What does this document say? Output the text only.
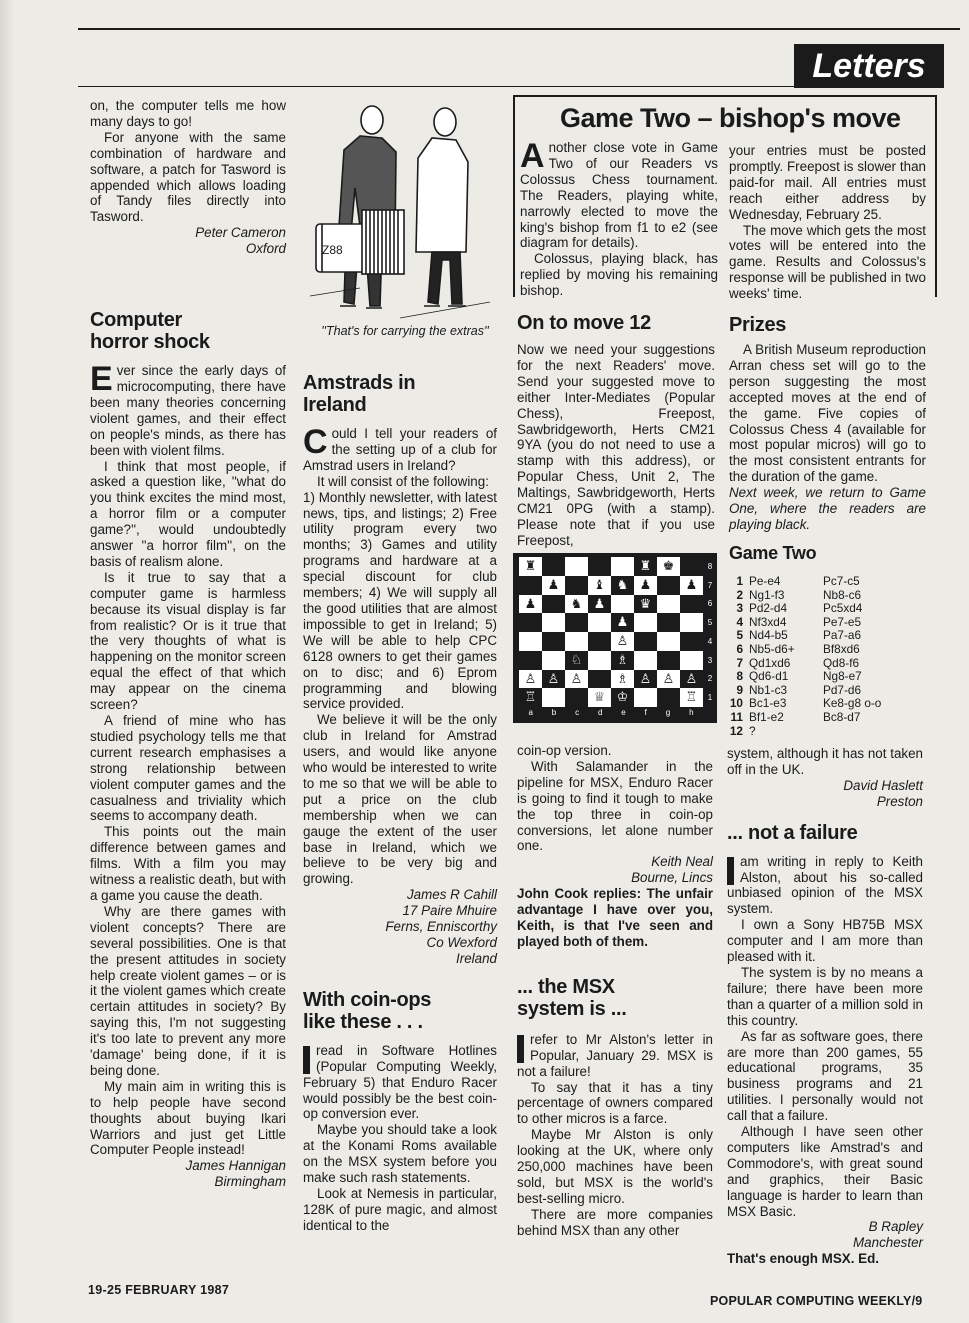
Letters

on, the computer tells me how many days to go!

For anyone with the same combination of hardware and software, a patch for Tasword is appended which allows loading of Tandy files directly into Tasword.

Peter Cameron

Oxford

Computer
horror shock

Ever since the early days of microcomputing, there have been many theories concerning violent games, and their effect on people's minds, as there has been with violent films.

I think that most people, if asked a question like, ''what do you think excites the mind most, a horror film or a computer game?'', would undoubtedly answer ''a horror film'', on the basis of realism alone.

Is it true to say that a computer game is harmless because its visual display is far from realistic? Or is it true that the very thoughts of what is happening on the monitor screen equal the effect of that which may appear on the cinema screen?

A friend of mine who has studied psychology tells me that current research emphasises a strong relationship between violent computer games and the casualness and triviality which seems to accompany death.

This points out the main difference between games and films. With a film you may witness a realistic death, but with a game you cause the death.

Why are there games with violent concepts? There are several possibilities. One is that the present attitudes in society help create violent games – or is it the violent games which create certain attitudes in society? By saying this, I'm not suggesting it's too late to prevent any more 'damage' being done, if it is being done.

My main aim in writing this is to help people have second thoughts about buying Ikari Warriors and just get Little Computer People instead!

James Hannigan

Birmingham

Z88
''That's for carrying the extras''
Amstrads in
Ireland

Could I tell your readers of the setting up of a club for Amstrad users in Ireland?

It will consist of the following:

1) Monthly newsletter, with latest news, tips, and listings; 2) Free utility program every two months; 3) Games and utility programs and hardware at a special discount for club members; 4) We will supply all the good utilities that are almost impossible to get in Ireland; 5) We will be able to help CPC 6128 owners to get their games on to disc; and 6) Eprom programming and blowing service provided.

We believe it will be the only club in Ireland for Amstrad users, and would like anyone who would be interested to write to me so that we will be able to put a price on the club membership when we can gauge the extent of the user base in Ireland, which we believe to be very big and growing.

James R Cahill

17 Paire Mhuire

Ferns, Enniscorthy

Co Wexford

Ireland

With coin-ops
like these . . .

read in Software Hotlines (Popular Computing Weekly, February 5) that Enduro Racer would possibly be the best coin-op conversion ever.

Maybe you should take a look at the Konami Roms available on the MSX system before you make such rash statements.

Look at Nemesis in particular, 128K of pure magic, and almost identical to the

Game Two – bishop's move

Another close vote in Game Two of our Readers vs Colossus Chess tournament. The Readers, playing white, narrowly elected to move the king's bishop from f1 to e2 (see diagram for details).

Colossus, playing black, has replied by moving his remaining bishop.

your entries must be posted promptly. Freepost is slower than paid-for mail. All entries must reach either address by Wednesday, February 25.

The move which gets the most votes will be entered into the game. Results and Colossus's response will be published in two weeks' time.

On to move 12

Now we need your suggestions for the next Readers' move. Send your suggested move to either Inter-Mediates (Popular Chess), Freepost, Sawbridgeworth, Herts CM21 9YA (you do not need to use a stamp with this address), or Popular Chess, Unit 2, The Maltings, Sawbridgeworth, Herts CM21 0PG (with a stamp). Please note that if you use Freepost,

Prizes

A British Museum reproduction Arran chess set will go to the person suggesting the most accepted moves at the end of the game. Five copies of Colossus Chess 4 (available for most popular micros) will go to the most consistent entrants for the duration of the game.

Next week, we return to Game One, where the readers are playing black.

Game Two
♜	♜ ♚
♟	♝ ♞ ♟	♟
♟	♞ ♟	♛
♟
♙
♘	♗
♙ ♙ ♙	♗ ♙ ♙ ♙
♖	♕ ♔	♖
a b c d e f g h
8
7
6
5
4
3
2
1
1 Pe-e4	Pc7-c5
2 Ng1-f3	Nb8-c6
3 Pd2-d4	Pc5xd4
4 Nf3xd4	Pe7-e5
5 Nd4-b5	Pa7-a6
6 Nb5-d6+	Bf8xd6
7 Qd1xd6	Qd8-f6
8 Qd6-d1	Ng8-e7
9 Nb1-c3	Pd7-d6
10 Bc1-e3	Ke8-g8 o-o
11 Bf1-e2	Bc8-d7
12 ?

coin-op version.

With Salamander in the pipeline for MSX, Enduro Racer is going to find it tough to make the top three in coin-op conversions, let alone number one.

Keith Neal

Bourne, Lincs

John Cook replies: The unfair advantage I have over you, Keith, is that I've seen and played both of them.

... the MSX
system is ...

refer to Mr Alston's letter in Popular, January 29. MSX is not a failure!

To say that it has a tiny percentage of owners compared to other micros is a farce.

Maybe Mr Alston is only looking at the UK, where only 250,000 machines have been sold, but MSX is the world's best-selling micro.

There are more companies behind MSX than any other

system, although it has not taken off in the UK.

David Haslett

Preston

... not a failure

am writing in reply to Keith Alston, about his so-called unbiased opinion of the MSX system.

I own a Sony HB75B MSX computer and I am more than pleased with it.

The system is by no means a failure; there have been more than a quarter of a million sold in this country.

As far as software goes, there are more than 200 games, 55 educational programs, 35 business programs and 21 utilities. I personally would not call that a failure.

Although I have seen other computers like Amstrad's and Commodore's, with great sound and graphics, their Basic language is harder to learn than MSX Basic.

B Rapley

Manchester

That's enough MSX. Ed.

19-25 FEBRUARY 1987
POPULAR COMPUTING WEEKLY/9
